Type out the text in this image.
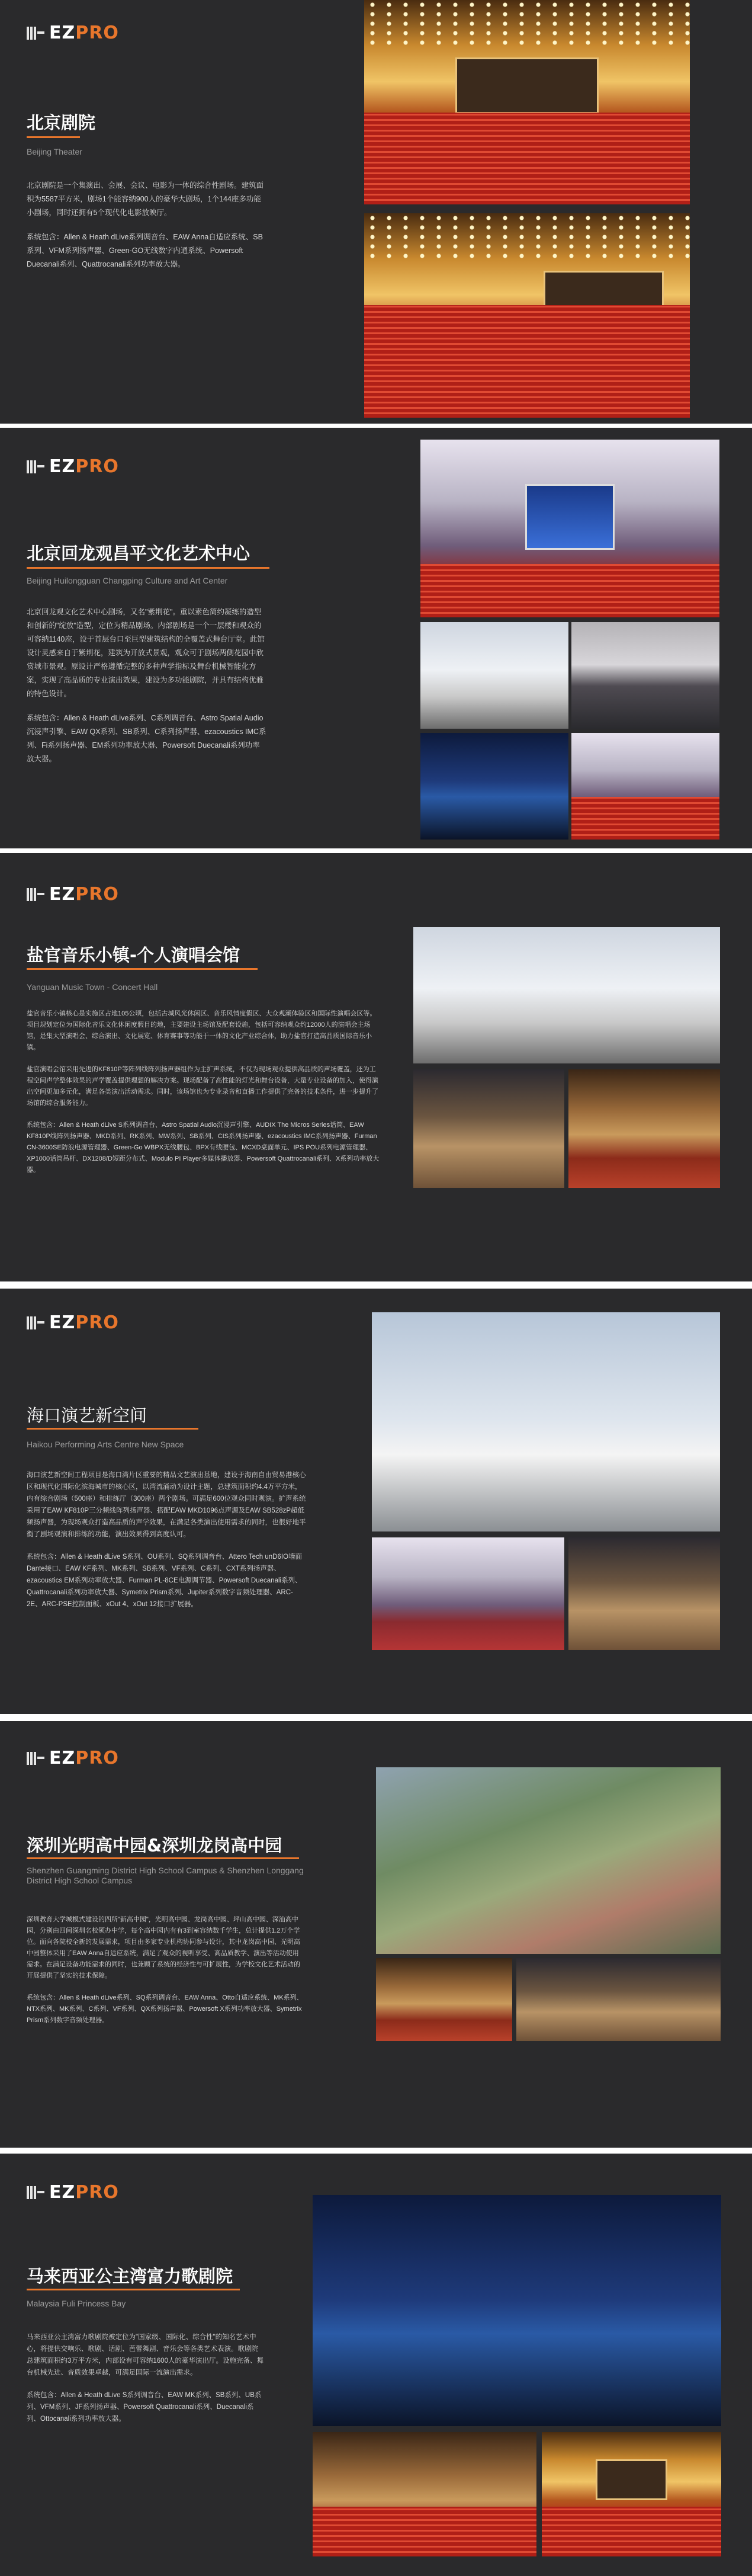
EZPRO
北京剧院
Beijing Theater

北京剧院是一个集演出、会展、会议、电影为一体的综合性剧场。建筑面积为5587平方米，剧场1个能容纳900人的豪华大剧场，1个144座多功能小剧场，同时还拥有5个现代化电影放映厅。

系统包含：Allen & Heath dLive系列调音台、EAW Anna自适应系统、SB系列、VFM系列扬声器、Green-GO无线数字内通系统、Powersoft Duecanali系列、Quattrocanali系列功率放大器。

EZPRO
北京回龙观昌平文化艺术中心
Beijing Huilongguan Changping Culture and Art Center

北京回龙观文化艺术中心剧场，又名"紫荆花"。重以素色简约凝练的造型和创新的"绽放"造型，定位为精品剧场。内部剧场是一个一层楼和观众的可容纳1140座，设于首层台口至巨型建筑结构的全覆盖式舞台厅堂。此馆设计灵感来自于紫荆花，建筑为开放式景观，观众可于剧场两侧花园中欣赏城市景观。原设计严格遵循完整的多种声学指标及舞台机械智能化方案，实现了高品质的专业演出效果，建设为多功能剧院，并具有结构优雅的特色设计。

系统包含：Allen & Heath dLive系列、C系列调音台、Astro Spatial Audio沉浸声引擎、EAW QX系列、SB系列、C系列扬声器、ezacoustics IMC系列、Fi系列扬声器、EM系列功率放大器、Powersoft Duecanali系列功率放大器。

EZPRO
盐官音乐小镇-个人演唱会馆
Yanguan Music Town - Concert Hall

盐官音乐小镇核心是实施区占地105公顷，包括古城风光休闲区、音乐风情度假区、大众观潮体验区和国际性演唱会区等。项目规划定位为国际化音乐文化休闲度假目的地，主要建设主场馆及配套设施，包括可容纳观众约12000人的演唱会主场馆，是集大型演唱会、综合演出、文化展览、体育赛事等功能于一体的文化产业综合体，助力盐官打造高品质国际音乐小镇。

盐官演唱会馆采用先进的KF810P等阵列线阵列扬声器组作为主扩声系统，不仅为现场观众提供高品质的声场覆盖，还为工程空间声学整体效果的声学覆盖提供理想的解决方案。现场配备了高性能的灯光和舞台设备，大量专业设备的加入，使得演出空间更加多元化，满足各类演出活动需求。同时，该场馆也为专业录音和直播工作提供了完备的技术条件，进一步提升了场馆的综合服务能力。

系统包含：Allen & Heath dLive S系列调音台、Astro Spatial Audio沉浸声引擎、AUDIX The Micros Series话筒、EAW KF810P线阵列扬声器、MKD系列、RK系列、MW系列、SB系列、CIS系列扬声器、ezacoustics IMC系列扬声器、Furman CN-3600SE防浪电源管理器、Green-Go WBPX无线腰包、BPX有线腰包、MCXD桌面单元、IPS POU系列电源管理器、XP1000话筒吊杆、DX1208/D短距分布式、Modulo PI Player多媒体播放器、Powersoft Quattrocanali系列、X系列功率放大器。

EZPRO
海口演艺新空间
Haikou Performing Arts Centre New Space

海口演艺新空间工程项目是海口湾片区重要的精品文艺演出基地，建设于海南自由贸易港核心区和现代化国际化滨海城市的核心区，以湾流涌动为设计主题，总建筑面积约4.4万平方米，内有综合剧场（500座）和排练厅（300座）两个剧场。可满足600位观众同时观演。扩声系统采用了EAW KF810P三分频线阵列扬声器、搭配EAW MKD1096点声源及EAW SB528zP超低频扬声器，为现场观众打造高品质的声学效果，在满足各类演出使用需求的同时，也很好地平衡了剧场观演和排练的功能，演出效果得到高度认可。

系统包含：Allen & Heath dLive S系列、OU系列、SQ系列调音台、Attero Tech unD6IO墙面Dante接口、EAW KF系列、MK系列、SB系列、VF系列、C系列、CXT系列扬声器、ezacoustics EM系列功率放大器、Furman PL-8CE电源调节器、Powersoft Duecanali系列、Quattrocanali系列功率放大器、Symetrix Prism系列、Jupiter系列数字音频处理器、ARC-2E、ARC-PSE控制面板、xOut 4、xOut 12接口扩展器。

EZPRO
深圳光明高中园&深圳龙岗高中园
Shenzhen Guangming District High School Campus & Shenzhen Longgang District High School Campus

深圳教育大学城模式建设的四所"新高中园"，光明高中园、龙岗高中园、坪山高中园、深汕高中园，分别由四间深圳名校领办中学，每个高中园内有有3到室容纳数千学生，总计提供1.2万个学位。面向各院校全新的发展需求，项目由多家专业机构协同参与设计，其中龙岗高中园、光明高中园整体采用了EAW Anna自适应系统，满足了观众的视听享受、高品质教学、演出等活动使用需求。在满足设备功能需求的同时，也兼顾了系统的经济性与可扩展性，为学校文化艺术活动的开展提供了坚实的技术保障。

系统包含：Allen & Heath dLive系列、SQ系列调音台、EAW Anna、Otto自适应系统、MK系列、NTX系列、MK系列、C系列、VF系列、QX系列扬声器、Powersoft X系列功率放大器、Symetrix Prism系列数字音频处理器。

EZPRO
马来西亚公主湾富力歌剧院
Malaysia Fuli Princess Bay

马来西亚公主湾富力歌剧院被定位为"国家级、国际化、综合性"的知名艺术中心，将提供交响乐、歌剧、话剧、芭蕾舞剧、音乐会等各类艺术表演。歌剧院总建筑面积约3万平方米，内部设有可容纳1600人的豪华演出厅。设施完备、舞台机械先进、音质效果卓越，可满足国际一流演出需求。

系统包含：Allen & Heath dLive S系列调音台、EAW MK系列、SB系列、UB系列、VFM系列、JF系列扬声器、Powersoft Quattrocanali系列、Duecanali系列、Ottocanali系列功率放大器。
